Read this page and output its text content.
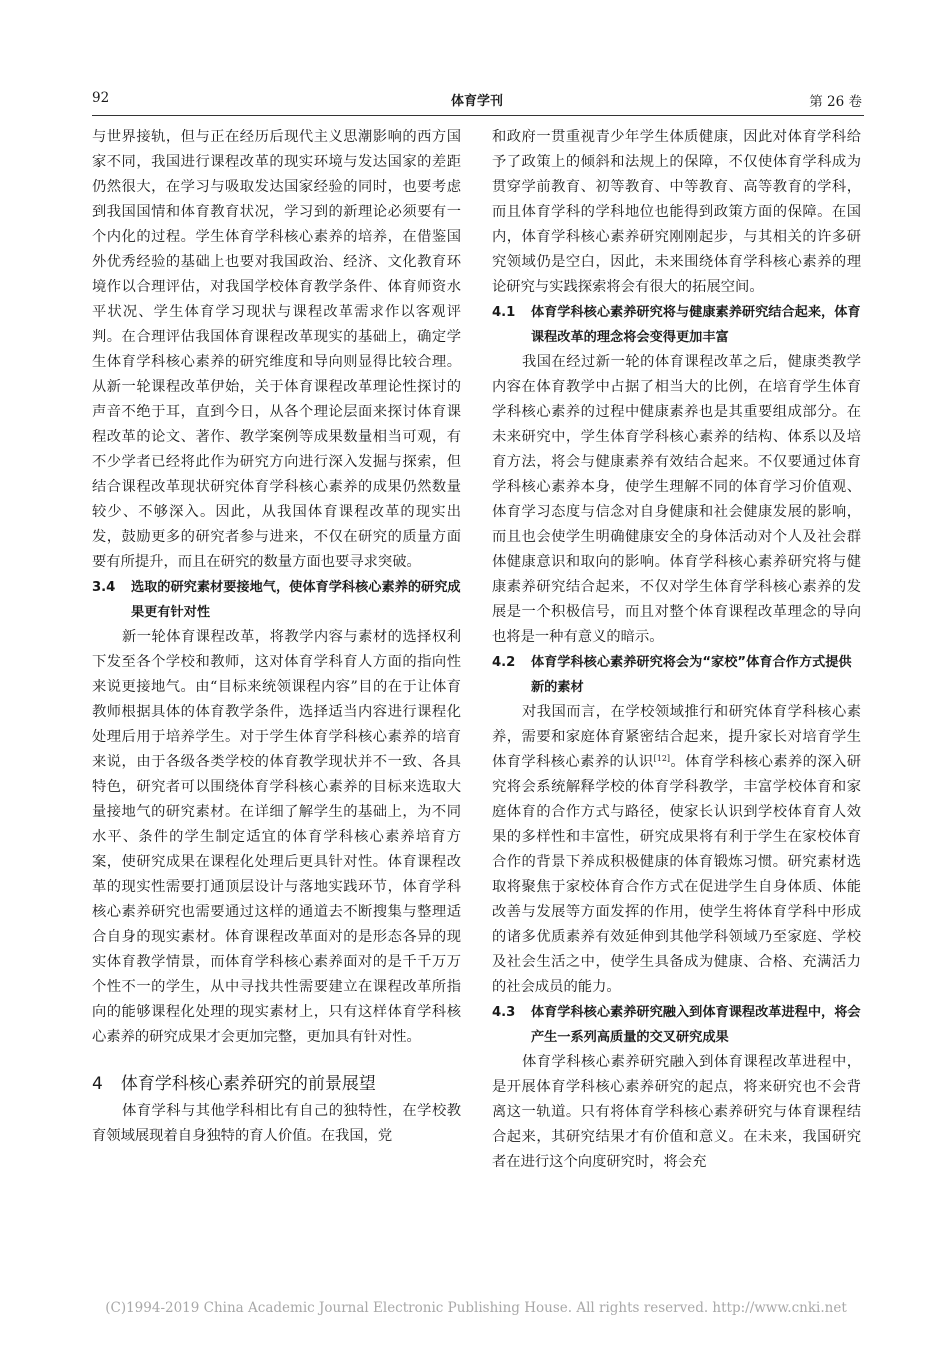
92	体育学刊	第 26 卷

与世界接轨，但与正在经历后现代主义思潮影响的西方国家不同，我国进行课程改革的现实环境与发达国家的差距仍然很大，在学习与吸取发达国家经验的同时，也要考虑到我国国情和体育教育状况，学习到的新理论必须要有一个内化的过程。学生体育学科核心素养的培养，在借鉴国外优秀经验的基础上也要对我国政治、经济、文化教育环境作以合理评估，对我国学校体育教学条件、体育师资水平状况、学生体育学习现状与课程改革需求作以客观评判。在合理评估我国体育课程改革现实的基础上，确定学生体育学科核心素养的研究维度和导向则显得比较合理。从新一轮课程改革伊始，关于体育课程改革理论性探讨的声音不绝于耳，直到今日，从各个理论层面来探讨体育课程改革的论文、著作、教学案例等成果数量相当可观，有不少学者已经将此作为研究方向进行深入发掘与探索，但结合课程改革现状研究体育学科核心素养的成果仍然数量较少、不够深入。因此，从我国体育课程改革的现实出发，鼓励更多的研究者参与进来，不仅在研究的质量方面要有所提升，而且在研究的数量方面也要寻求突破。

3.4 选取的研究素材要接地气，使体育学科核心素养的研究成果更有针对性

新一轮体育课程改革，将教学内容与素材的选择权利下发至各个学校和教师，这对体育学科育人方面的指向性来说更接地气。由“目标来统领课程内容”目的在于让体育教师根据具体的体育教学条件，选择适当内容进行课程化处理后用于培养学生。对于学生体育学科核心素养的培育来说，由于各级各类学校的体育教学现状并不一致、各具特色，研究者可以围绕体育学科核心素养的目标来选取大量接地气的研究素材。在详细了解学生的基础上，为不同水平、条件的学生制定适宜的体育学科核心素养培育方案，使研究成果在课程化处理后更具针对性。体育课程改革的现实性需要打通顶层设计与落地实践环节，体育学科核心素养研究也需要通过这样的通道去不断搜集与整理适合自身的现实素材。体育课程改革面对的是形态各异的现实体育教学情景，而体育学科核心素养面对的是千千万万个性不一的学生，从中寻找共性需要建立在课程改革所指向的能够课程化处理的现实素材上，只有这样体育学科核心素养的研究成果才会更加完整，更加具有针对性。

4 体育学科核心素养研究的前景展望

体育学科与其他学科相比有自己的独特性，在学校教育领域展现着自身独特的育人价值。在我国，党

和政府一贯重视青少年学生体质健康，因此对体育学科给予了政策上的倾斜和法规上的保障，不仅使体育学科成为贯穿学前教育、初等教育、中等教育、高等教育的学科，而且体育学科的学科地位也能得到政策方面的保障。在国内，体育学科核心素养研究刚刚起步，与其相关的许多研究领域仍是空白，因此，未来围绕体育学科核心素养的理论研究与实践探索将会有很大的拓展空间。

4.1 体育学科核心素养研究将与健康素养研究结合起来，体育课程改革的理念将会变得更加丰富

我国在经过新一轮的体育课程改革之后，健康类教学内容在体育教学中占据了相当大的比例，在培育学生体育学科核心素养的过程中健康素养也是其重要组成部分。在未来研究中，学生体育学科核心素养的结构、体系以及培育方法，将会与健康素养有效结合起来。不仅要通过体育学科核心素养本身，使学生理解不同的体育学习价值观、体育学习态度与信念对自身健康和社会健康发展的影响，而且也会使学生明确健康安全的身体活动对个人及社会群体健康意识和取向的影响。体育学科核心素养研究将与健康素养研究结合起来，不仅对学生体育学科核心素养的发展是一个积极信号，而且对整个体育课程改革理念的导向也将是一种有意义的暗示。

4.2 体育学科核心素养研究将会为“家校”体育合作方式提供新的素材

对我国而言，在学校领域推行和研究体育学科核心素养，需要和家庭体育紧密结合起来，提升家长对培育学生体育学科核心素养的认识[12]。体育学科核心素养的深入研究将会系统解释学校的体育学科教学，丰富学校体育和家庭体育的合作方式与路径，使家长认识到学校体育育人效果的多样性和丰富性，研究成果将有利于学生在家校体育合作的背景下养成积极健康的体育锻炼习惯。研究素材选取将聚焦于家校体育合作方式在促进学生自身体质、体能改善与发展等方面发挥的作用，使学生将体育学科中形成的诸多优质素养有效延伸到其他学科领域乃至家庭、学校及社会生活之中，使学生具备成为健康、合格、充满活力的社会成员的能力。

4.3 体育学科核心素养研究融入到体育课程改革进程中，将会产生一系列高质量的交叉研究成果

体育学科核心素养研究融入到体育课程改革进程中，是开展体育学科核心素养研究的起点，将来研究也不会背离这一轨道。只有将体育学科核心素养研究与体育课程结合起来，其研究结果才有价值和意义。在未来，我国研究者在进行这个向度研究时，将会充

(C)1994-2019 China Academic Journal Electronic Publishing House. All rights reserved. http://www.cnki.net
